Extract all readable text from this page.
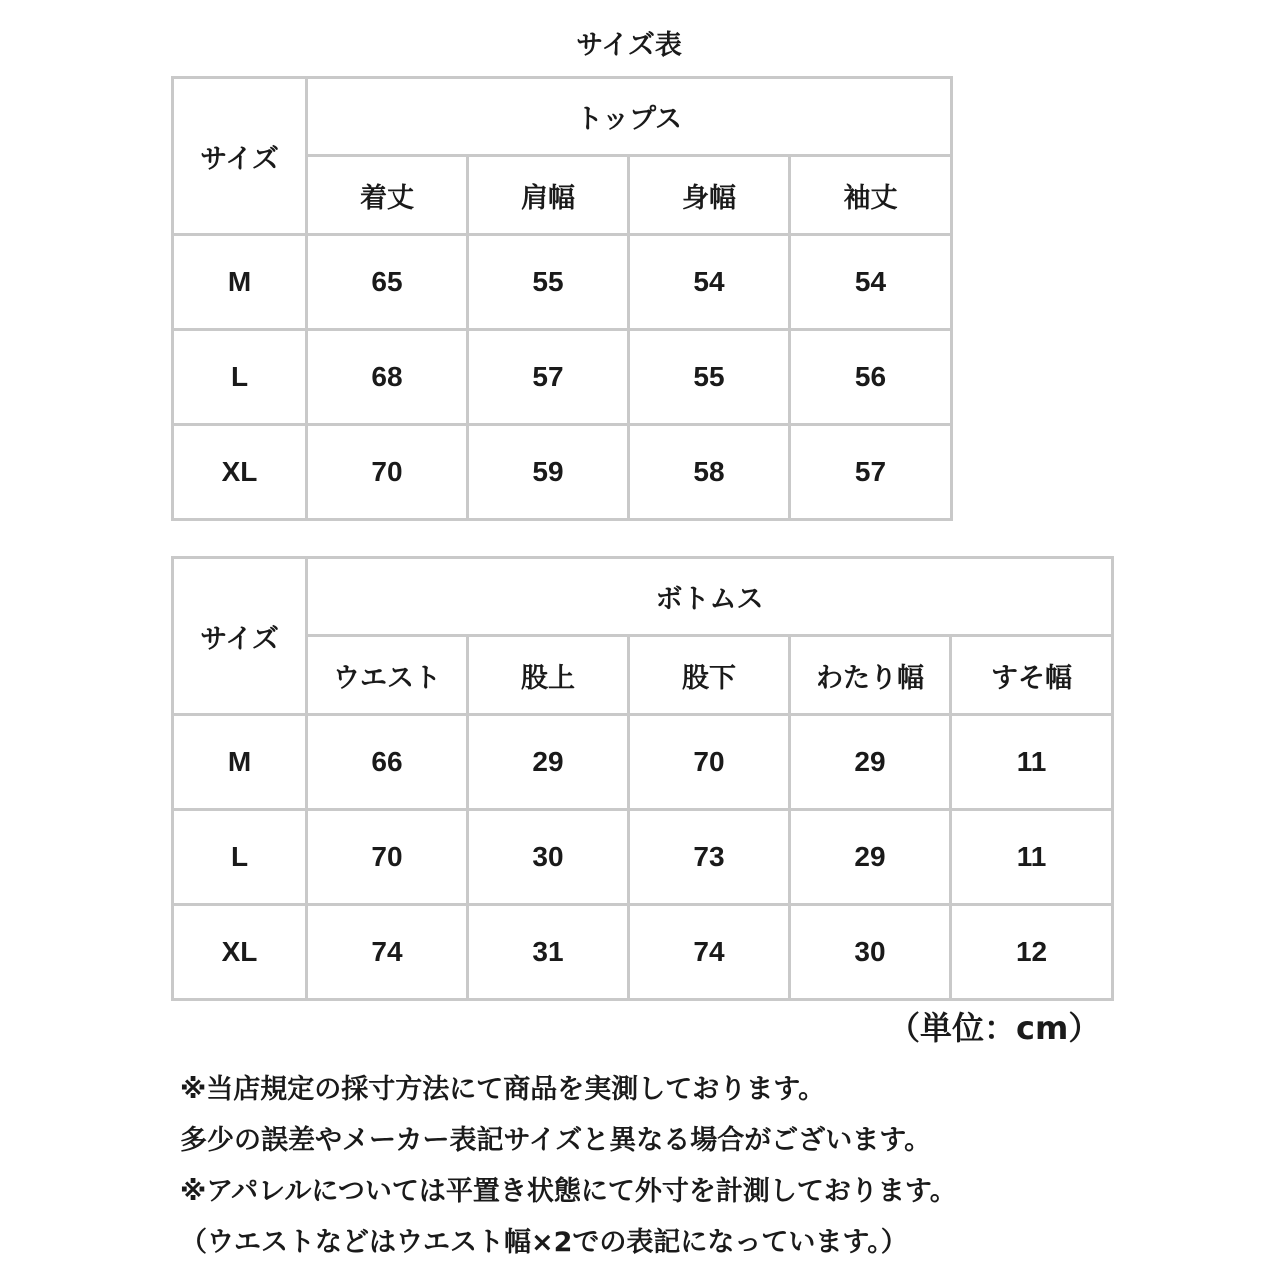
サイズ表
サイズ	トップス			
	着丈	肩幅	身幅	袖丈
M	65	55	54	54
L	68	57	55	56
XL	70	59	58	57
サイズ	ボトムス				
	ウエスト	股上	股下	わたり幅	すそ幅
M	66	29	70	29	11
L	70	30	73	29	11
XL	74	31	74	30	12
（単位：cm）
※当店規定の採寸方法にて商品を実測しております。
多少の誤差やメーカー表記サイズと異なる場合がございます。
※アパレルについては平置き状態にて外寸を計測しております。
（ウエストなどはウエスト幅×2での表記になっています。）
